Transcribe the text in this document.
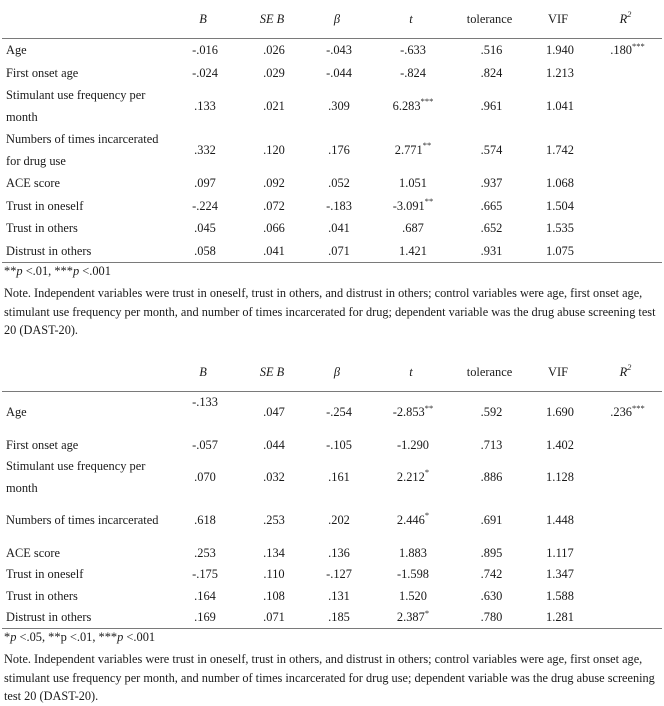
	B	SE B	β	t	tolerance	VIF	$R^2$
Age	-.016	.026	-.043	-.633	.516	1.940	.180***
First onset age	-.024	.029	-.044	-.824	.824	1.213	
Stimulant use frequency per month	.133	.021	.309	6.283***	.961	1.041	
Numbers of times incarcerated for drug use	.332	.120	.176	2.771**	.574	1.742	
ACE score	.097	.092	.052	1.051	.937	1.068	
Trust in oneself	-.224	.072	-.183	-3.091**	.665	1.504	
Trust in others	.045	.066	.041	.687	.652	1.535	
Distrust in others	.058	.041	.071	1.421	.931	1.075	
**p <.01, ***p <.001
Note. Independent variables were trust in oneself, trust in others, and distrust in others; control variables were age, first onset age, stimulant use frequency per month, and number of times incarcerated for drug; dependent variable was the drug abuse screening test 20 (DAST-20).
	B	SE B	β	t	tolerance	VIF	$R^2$
Age	-.133	.047	-.254	-2.853**	.592	1.690	.236***
First onset age	-.057	.044	-.105	-1.290	.713	1.402	
Stimulant use frequency per month	.070	.032	.161	2.212*	.886	1.128	
Numbers of times incarcerated	.618	.253	.202	2.446*	.691	1.448	
ACE score	.253	.134	.136	1.883	.895	1.117	
Trust in oneself	-.175	.110	-.127	-1.598	.742	1.347	
Trust in others	.164	.108	.131	1.520	.630	1.588	
Distrust in others	.169	.071	.185	2.387*	.780	1.281	
*p <.05, **p <.01, ***p <.001
Note. Independent variables were trust in oneself, trust in others, and distrust in others; control variables were age, first onset age, stimulant use frequency per month, and number of times incarcerated for drug use; dependent variable was the drug abuse screening test 20 (DAST-20).
